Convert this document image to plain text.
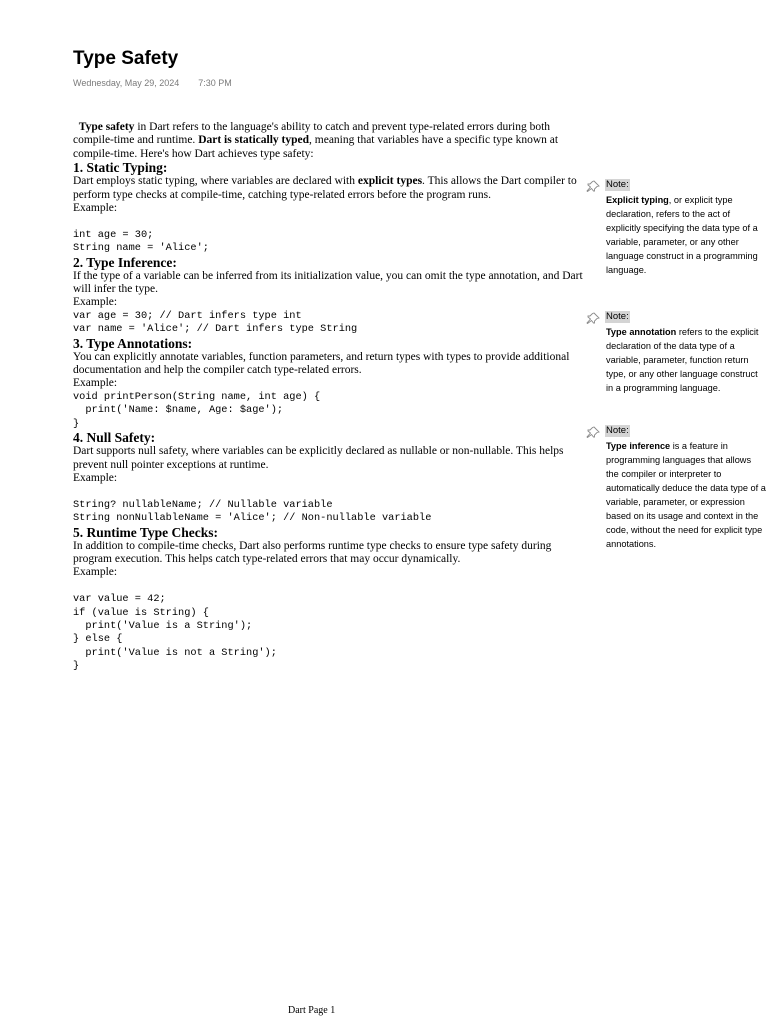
Type Safety
Wednesday, May 29, 2024 7:30 PM

Type safety in Dart refers to the language's ability to catch and prevent type-related errors during both compile-time and runtime. Dart is statically typed, meaning that variables have a specific type known at compile-time. Here's how Dart achieves type safety:

1. Static Typing:

Dart employs static typing, where variables are declared with explicit types. This allows the Dart compiler to perform type checks at compile-time, catching type-related errors before the program runs.

Example:

int age = 30;
String name = 'Alice';
2. Type Inference:

If the type of a variable can be inferred from its initialization value, you can omit the type annotation, and Dart will infer the type.

Example:

var age = 30; // Dart infers type int
var name = 'Alice'; // Dart infers type String
3. Type Annotations:

You can explicitly annotate variables, function parameters, and return types with types to provide additional documentation and help the compiler catch type-related errors.

Example:

void printPerson(String name, int age) {
print('Name: $name, Age: $age');
}
4. Null Safety:

Dart supports null safety, where variables can be explicitly declared as nullable or non-nullable. This helps prevent null pointer exceptions at runtime.

Example:

String? nullableName; // Nullable variable
String nonNullableName = 'Alice'; // Non-nullable variable
5. Runtime Type Checks:

In addition to compile-time checks, Dart also performs runtime type checks to ensure type safety during program execution. This helps catch type-related errors that may occur dynamically.

Example:

var value = 42;
if (value is String) {
print('Value is a String');
} else {
print('Value is not a String');
}
Note:
Explicit typing, or explicit type declaration, refers to the act of explicitly specifying the data type of a variable, parameter, or any other language construct in a programming language.
Note:
Type annotation refers to the explicit declaration of the data type of a variable, parameter, function return type, or any other language construct in a programming language.
Note:
Type inference is a feature in programming languages that allows the compiler or interpreter to automatically deduce the data type of a variable, parameter, or expression based on its usage and context in the code, without the need for explicit type annotations.
Dart Page 1
